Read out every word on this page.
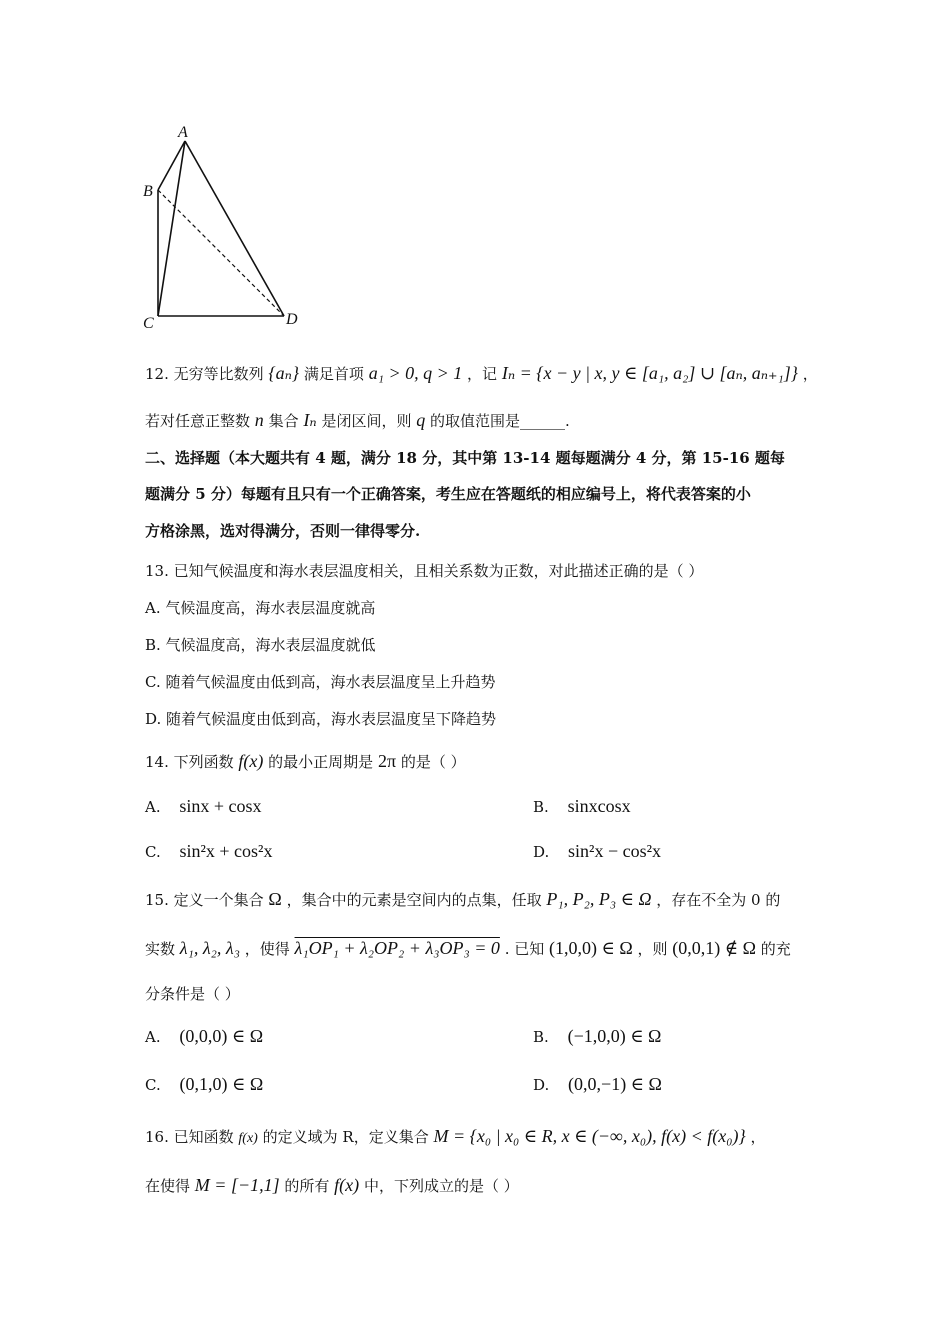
A
B
C	D
12. 无穷等比数列 {aₙ} 满足首项 a₁ > 0, q > 1 ，记 Iₙ = {x − y | x, y ∈ [a₁, a₂] ∪ [aₙ, aₙ₊₁]} ，
若对任意正整数 n 集合 Iₙ 是闭区间，则 q 的取值范围是______.
二、选择题（本大题共有 4 题，满分 18 分，其中第 13-14 题每题满分 4 分，第 15-16 题每
题满分 5 分）每题有且只有一个正确答案，考生应在答题纸的相应编号上，将代表答案的小
方格涂黑，选对得满分，否则一律得零分.
13. 已知气候温度和海水表层温度相关，且相关系数为正数，对此描述正确的是（ ）
A. 气候温度高，海水表层温度就高
B. 气候温度高，海水表层温度就低
C. 随着气候温度由低到高，海水表层温度呈上升趋势
D. 随着气候温度由低到高，海水表层温度呈下降趋势
14. 下列函数 f(x) 的最小正周期是 2π 的是（ ）
A. sinx + cosx	B. sinxcosx
C. sin²x + cos²x	D. sin²x − cos²x
15. 定义一个集合 Ω ，集合中的元素是空间内的点集，任取 P₁, P₂, P₃ ∈ Ω ，存在不全为 0 的
实数 λ₁, λ₂, λ₃ ，使得 λ₁OP₁ + λ₂OP₂ + λ₃OP₃ = 0 . 已知 (1,0,0) ∈ Ω ，则 (0,0,1) ∉ Ω 的充
分条件是（ ）
A. (0,0,0) ∈ Ω	B. (−1,0,0) ∈ Ω
C. (0,1,0) ∈ Ω	D. (0,0,−1) ∈ Ω
16. 已知函数 f(x) 的定义域为 R，定义集合 M = {x₀ | x₀ ∈ R, x ∈ (−∞, x₀), f(x) < f(x₀)} ，
在使得 M = [−1,1] 的所有 f(x) 中，下列成立的是（ ）
